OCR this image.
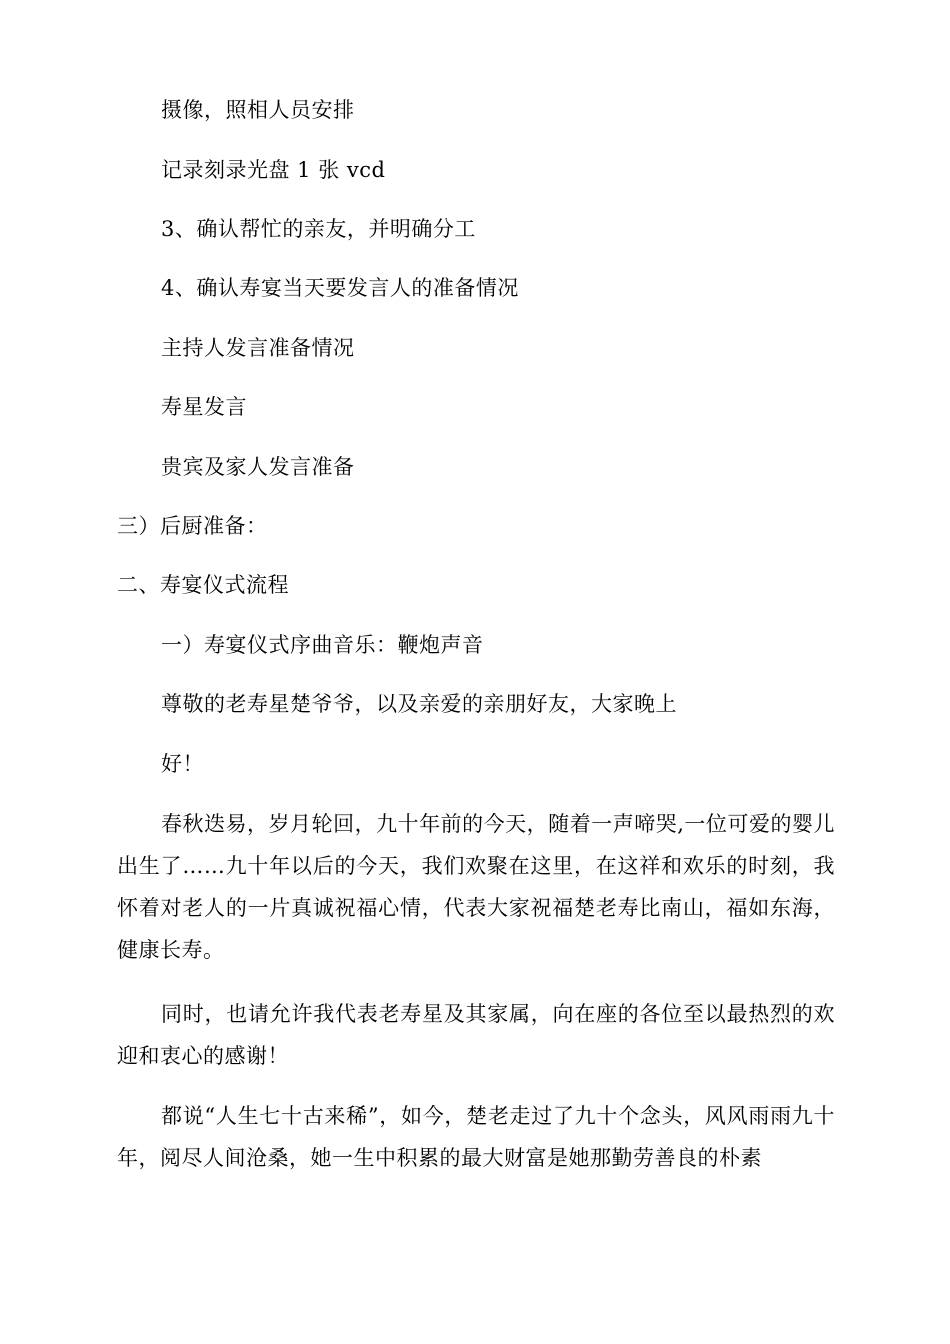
摄像，照相人员安排
记录刻录光盘 1 张 vcd
3、确认帮忙的亲友，并明确分工
4、确认寿宴当天要发言人的准备情况
主持人发言准备情况
寿星发言
贵宾及家人发言准备
三）后厨准备：
二、寿宴仪式流程
一）寿宴仪式序曲音乐：鞭炮声音
尊敬的老寿星楚爷爷，以及亲爱的亲朋好友，大家晚上
好！
春秋迭易，岁月轮回，九十年前的今天，随着一声啼哭,一位可爱的婴儿出生了……九十年以后的今天，我们欢聚在这里，在这祥和欢乐的时刻，我怀着对老人的一片真诚祝福心情，代表大家祝福楚老寿比南山，福如东海，健康长寿。
同时，也请允许我代表老寿星及其家属，向在座的各位至以最热烈的欢迎和衷心的感谢！
都说“人生七十古来稀”，如今，楚老走过了九十个念头，风风雨雨九十年，阅尽人间沧桑，她一生中积累的最大财富是她那勤劳善良的朴素
